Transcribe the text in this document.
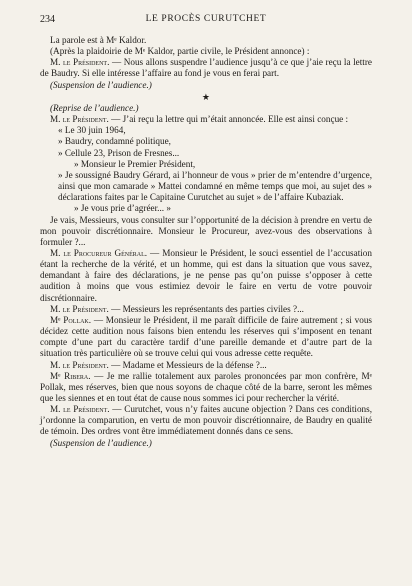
234	LE PROCÈS CURUTCHET

La parole est à Mᵉ Kaldor.

(Après la plaidoirie de Mᵉ Kaldor, partie civile, le Président annonce) :

M. le Président. — Nous allons suspendre l’audience jusqu’à ce que j’aie reçu la lettre de Baudry. Si elle intéresse l’affaire au fond je vous en ferai part.

(Suspension de l’audience.)

★

(Reprise de l’audience.)

M. le Président. — J’ai reçu la lettre qui m’était annoncée. Elle est ainsi conçue :

« Le 30 juin 1964,

» Baudry, condamné politique,

» Cellule 23, Prison de Fresnes...

» Monsieur le Premier Président,

» Je soussigné Baudry Gérard, ai l’honneur de vous » prier de m’entendre d’urgence, ainsi que mon camarade » Mattei condamné en même temps que moi, au sujet des » déclarations faites par le Capitaine Curutchet au sujet » de l’affaire Kubaziak.

» Je vous prie d’agréer... »

Je vais, Messieurs, vous consulter sur l’opportunité de la décision à prendre en vertu de mon pouvoir discrétionnaire. Monsieur le Procureur, avez-vous des observations à formuler ?...

M. le Procureur Général. — Monsieur le Président, le souci essentiel de l’accusation étant la recherche de la vérité, et un homme, qui est dans la situation que vous savez, demandant à faire des déclarations, je ne pense pas qu’on puisse s’opposer à cette audition à moins que vous estimiez devoir le faire en vertu de votre pouvoir discrétionnaire.

M. le Président. — Messieurs les représentants des parties civiles ?...

Mᵉ Pollak. — Monsieur le Président, il me paraît difficile de faire autrement ; si vous décidez cette audition nous faisons bien entendu les réserves qui s’imposent en tenant compte d’une part du caractère tardif d’une pareille demande et d’autre part de la situation très particulière où se trouve celui qui vous adresse cette requête.

M. le Président. — Madame et Messieurs de la défense ?...

Mᵉ Ribera. — Je me rallie totalement aux paroles prononcées par mon confrère, Mᵉ Pollak, mes réserves, bien que nous soyons de chaque côté de la barre, seront les mêmes que les siennes et en tout état de cause nous sommes ici pour rechercher la vérité.

M. le Président. — Curutchet, vous n’y faites aucune objection ? Dans ces conditions, j’ordonne la comparution, en vertu de mon pouvoir discrétionnaire, de Baudry en qualité de témoin. Des ordres vont être immédiatement donnés dans ce sens.

(Suspension de l’audience.)
